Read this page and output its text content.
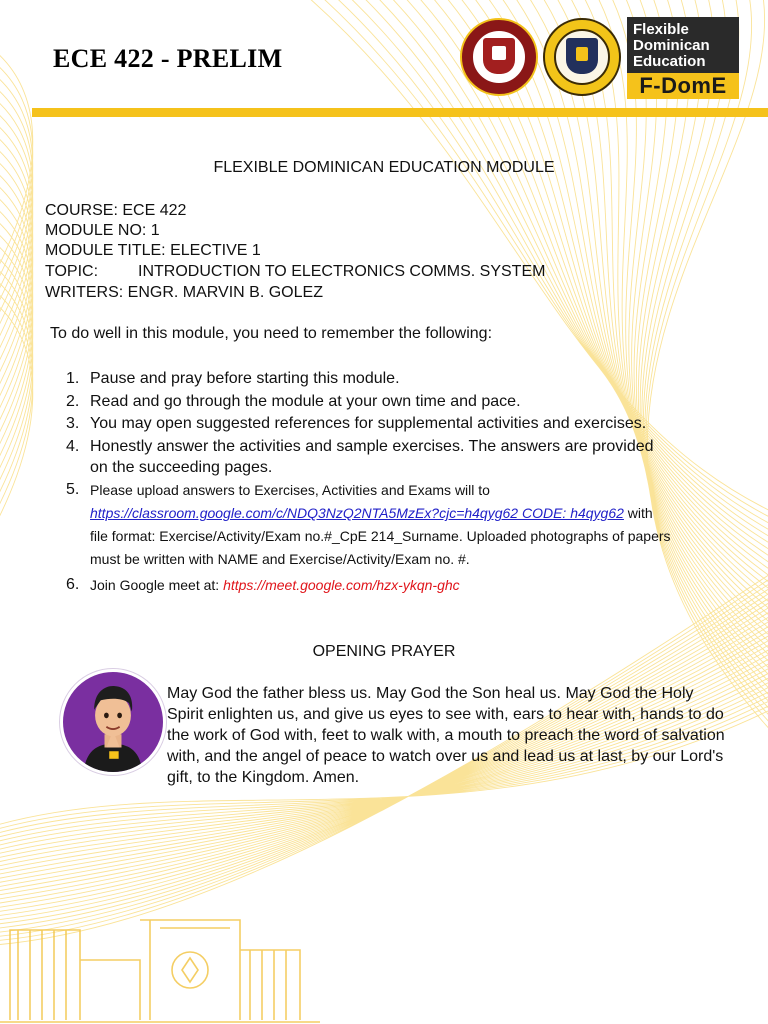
ECE 422 - PRELIM
Flexible
Dominican
Education
F-DomE
FLEXIBLE DOMINICAN EDUCATION MODULE
COURSE: ECE 422
MODULE NO: 1
MODULE TITLE: ELECTIVE 1
TOPIC: INTRODUCTION TO ELECTRONICS COMMS. SYSTEM
WRITERS: ENGR. MARVIN B. GOLEZ
To do well in this module, you need to remember the following:
1. Pause and pray before starting this module.
2. Read and go through the module at your own time and pace.
3. You may open suggested references for supplemental activities and exercises.
4. Honestly answer the activities and sample exercises. The answers are provided
on the succeeding pages.
5. Please upload answers to Exercises, Activities and Exams will to
https://classroom.google.com/c/NDQ3NzQ2NTA5MzEx?cjc=h4qyg62 CODE: h4qyg62 with
file format: Exercise/Activity/Exam no.#_CpE 214_Surname. Uploaded photographs of papers
must be written with NAME and Exercise/Activity/Exam no. #.
6. Join Google meet at: https://meet.google.com/hzx-ykqn-ghc
OPENING PRAYER
May God the father bless us. May God the Son heal us. May God the Holy Spirit enlighten us, and give us eyes to see with, ears to hear with, hands to do the work of God with, feet to walk with, a mouth to preach the word of salvation with, and the angel of peace to watch over us and lead us at last, by our Lord's gift, to the Kingdom. Amen.
